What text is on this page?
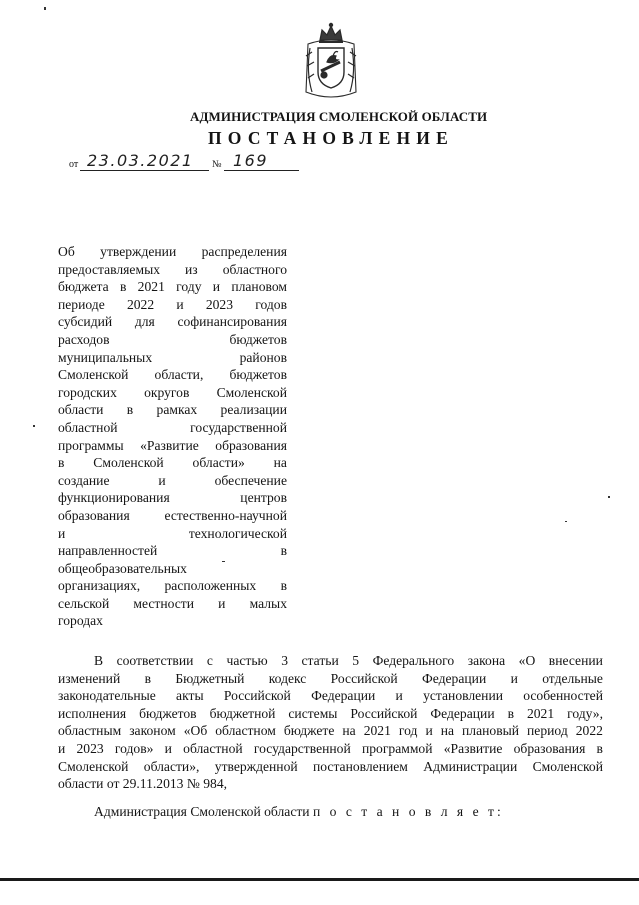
АДМИНИСТРАЦИЯ СМОЛЕНСКОЙ ОБЛАСТИ
ПОСТАНОВЛЕНИЕ
от 23.03.2021 № 169
Об утверждении распределения
предоставляемых из областного
бюджета в 2021 году и плановом
периоде 2022 и 2023 годов
субсидий для софинансирования
расходов	бюджетов
муниципальных	районов
Смоленской области, бюджетов
городских округов Смоленской
области в рамках реализации
областной	государственной
программы «Развитие образования
в Смоленской области» на
создание	и	обеспечение
функционирования	центров
образования	естественно-научной
и	технологической
направленностей	в
общеобразовательных
организациях, расположенных в
сельской местности и малых
городах
В соответствии с частью 3 статьи 5 Федерального закона «О внесении
изменений в Бюджетный кодекс Российской Федерации и отдельные
законодательные акты Российской Федерации и установлении особенностей
исполнения бюджетов бюджетной системы Российской Федерации в 2021 году»,
областным законом «Об областном бюджете на 2021 год и на плановый период 2022
и 2023 годов» и областной государственной программой «Развитие образования в
Смоленской области», утвержденной постановлением Администрации Смоленской
области от 29.11.2013 № 984,
Администрация Смоленской области п о с т а н о в л я е т:
